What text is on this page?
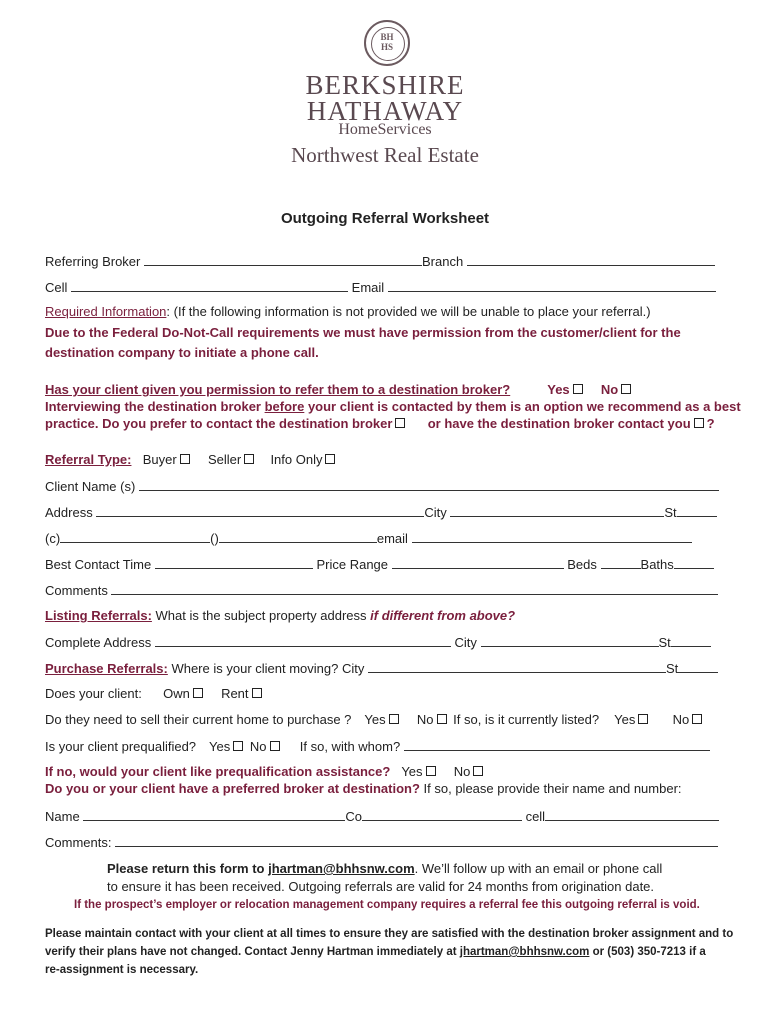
BH
HS
BERKSHIRE
HATHAWAY
HomeServices
Northwest Real Estate
Outgoing Referral Worksheet
Referring Broker	Branch
Cell	Email
Required Information: (If the following information is not provided we will be unable to place your referral.)
Due to the Federal Do-Not-Call requirements we must have permission from the customer/client for the
destination company to initiate a phone call.
Has your client given you permission to refer them to a destination broker?	Yes No
Interviewing the destination broker before your client is contacted by them is an option we recommend as a best
practice. Do you prefer to contact the destination broker	or have the destination broker contact you ?
Referral Type: Buyer Seller Info Only
Client Name (s)
Address	City	St
(c)	()	email
Best Contact Time	Price Range	Beds	Baths
Comments
Listing Referrals: What is the subject property address if different from above?
Complete Address	City	St
Purchase Referrals: Where is your client moving? City	St
Does your client: Own Rent
Do they need to sell their current home to purchase ? Yes No If so, is it currently listed? Yes	No
Is your client prequalified? Yes No	If so, with whom?
If no, would your client like prequalification assistance? Yes No
Do you or your client have a preferred broker at destination? If so, please provide their name and number:
Name	Co	cell
Comments:
Please return this form to jhartman@bhhsnw.com. We’ll follow up with an email or phone call
to ensure it has been received. Outgoing referrals are valid for 24 months from origination date.
If the prospect’s employer or relocation management company requires a referral fee this outgoing referral is void.
Please maintain contact with your client at all times to ensure they are satisfied with the destination broker assignment and to
verify their plans have not changed. Contact Jenny Hartman immediately at jhartman@bhhsnw.com or (503) 350-7213 if a
re-assignment is necessary.
